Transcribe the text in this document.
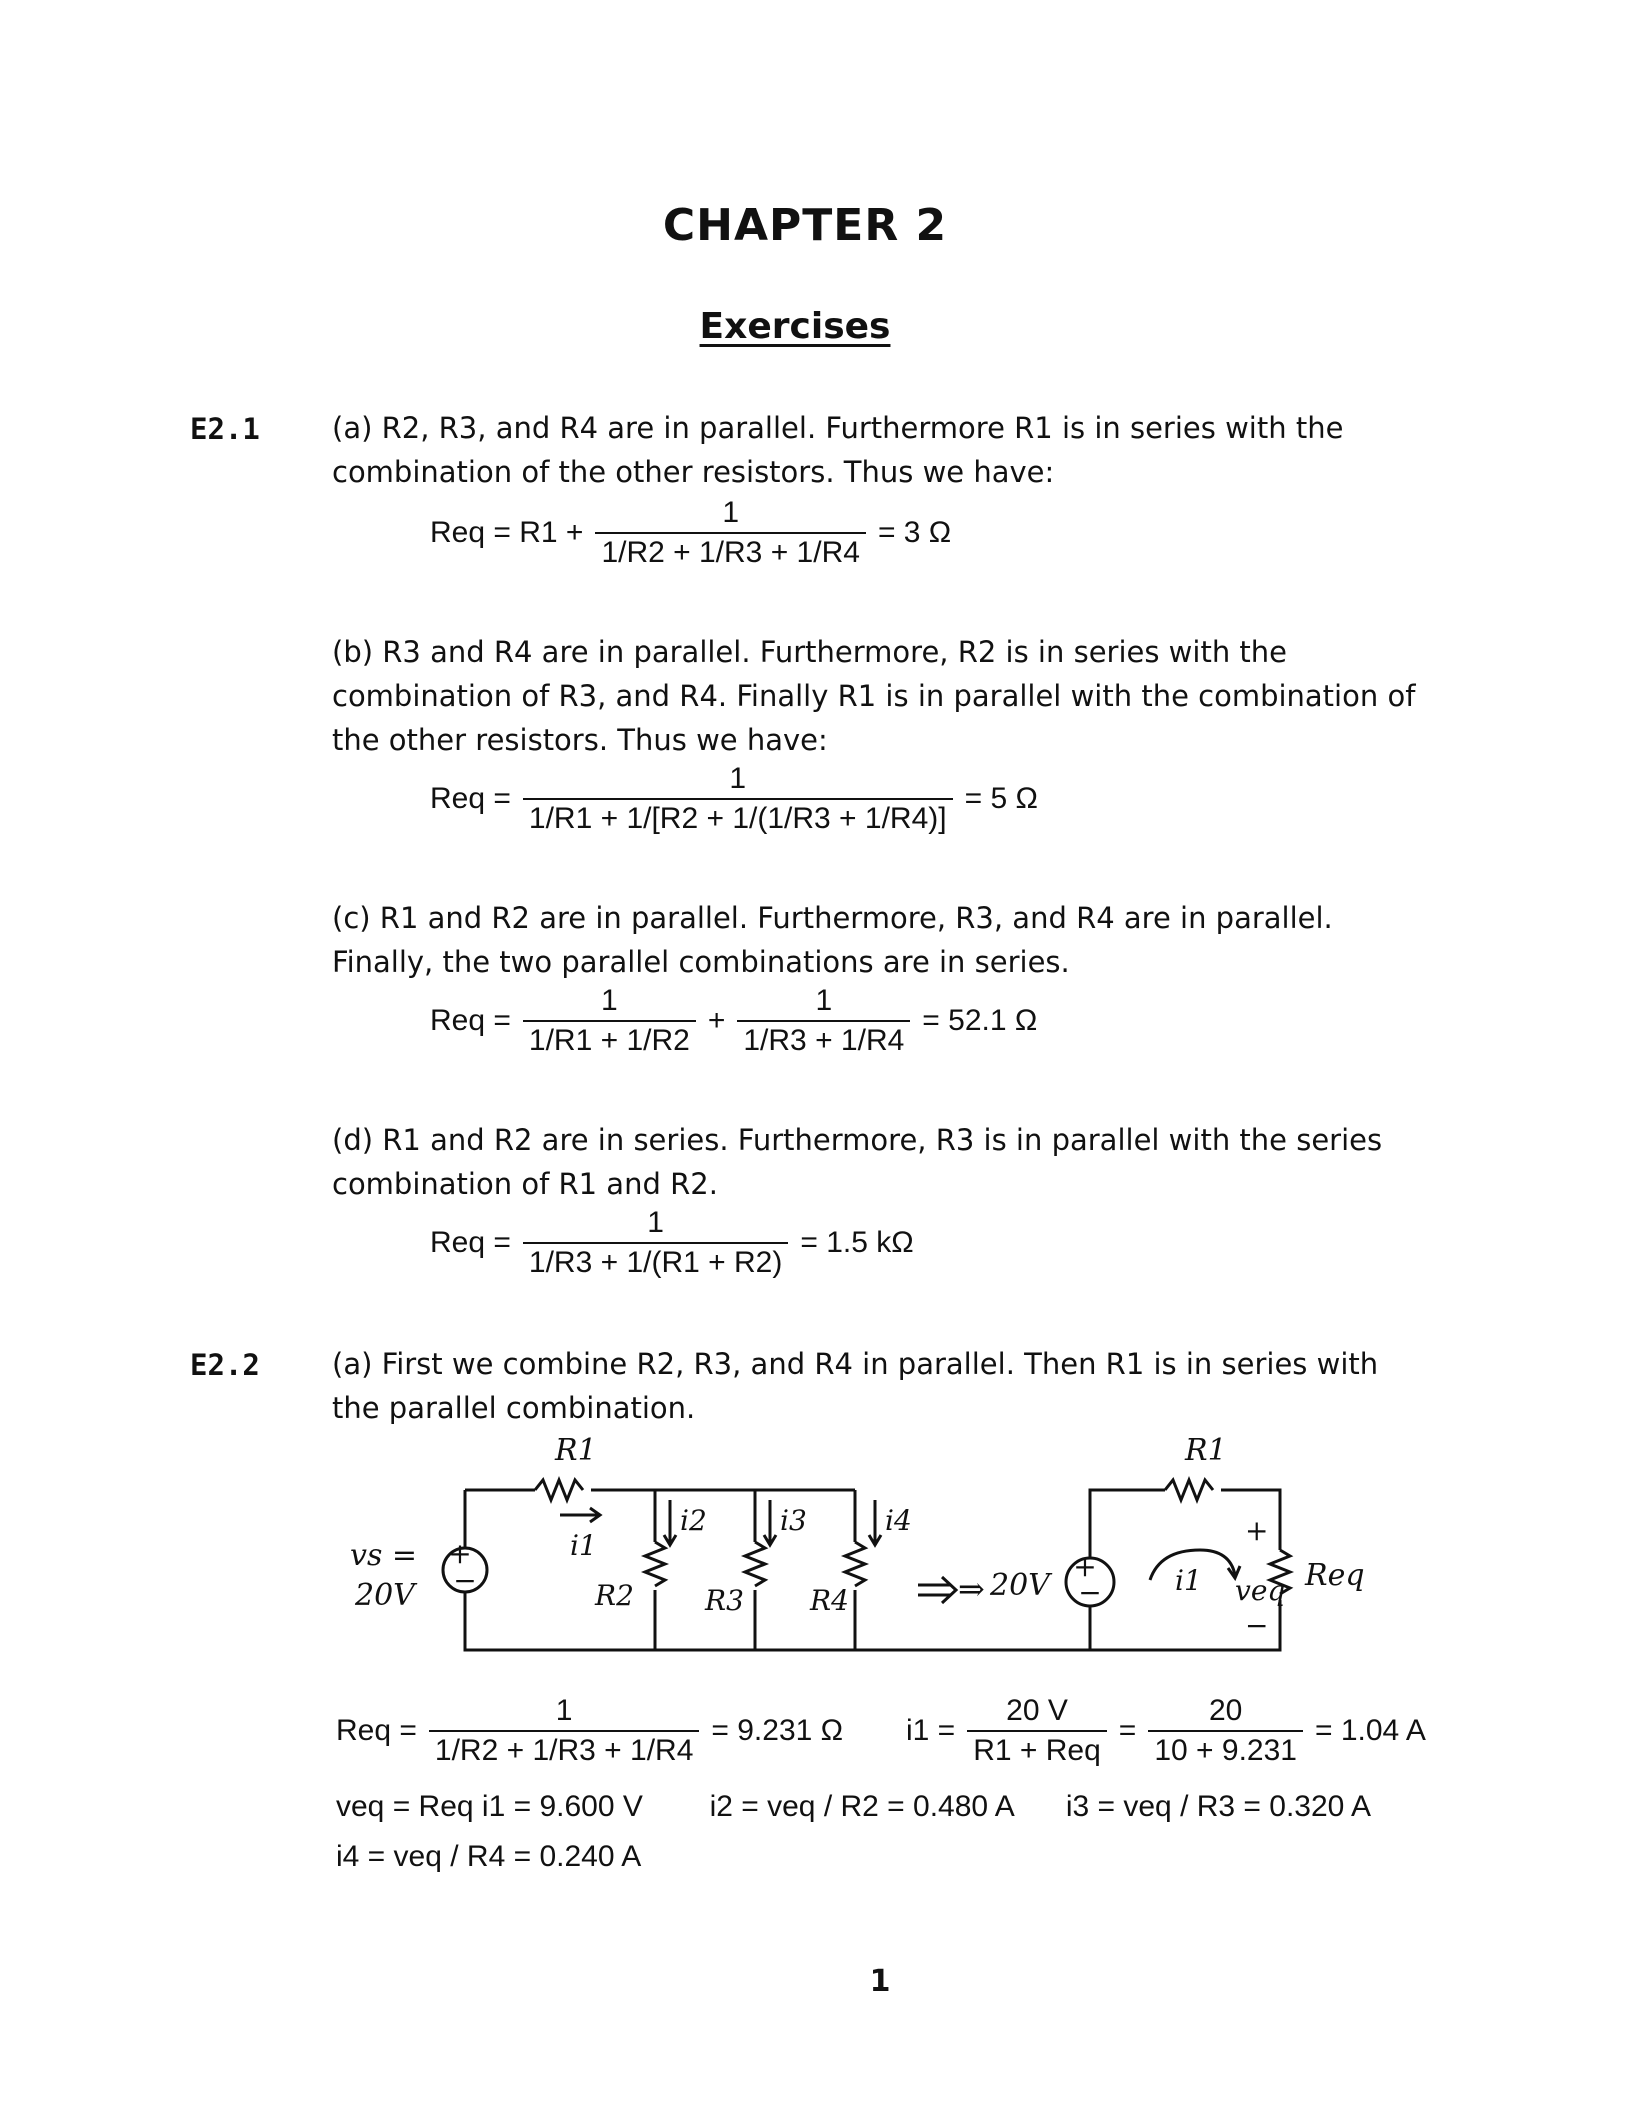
CHAPTER 2
Exercises
E2.1 (a) R2, R3, and R4 are in parallel. Furthermore R1 is in series with the
combination of the other resistors. Thus we have:
Req = $R1 + \frac{1}{1/R2 + 1/R3 + 1/R4} = 3$ Ω
(b) R3 and R4 are in parallel. Furthermore, R2 is in series with the
combination of R3, and R4. Finally R1 is in parallel with the combination of
the other resistors. Thus we have:
Req = $\frac{1}{1/R1 + 1/[R2 + 1/(1/R3 + 1/R4)]} = 5$ Ω
(c) R1 and R2 are in parallel. Furthermore, R3, and R4 are in parallel.
Finally, the two parallel combinations are in series.
Req = $\frac{1}{1/R1 + 1/R2} + \frac{1}{1/R3 + 1/R4} = 52.1$ Ω
(d) R1 and R2 are in series. Furthermore, R3 is in parallel with the series
combination of R1 and R2.
Req = $\frac{1}{1/R3 + 1/(R1 + R2)} = 1.5$ kΩ
E2.2 (a) First we combine R2, R3, and R4 in parallel. Then R1 is in series with
the parallel combination.
+
−	+
−
vs =
20V
R1
i1
i2	i3	i4
R2	R3 R4	⇒ 20V
R1
i1
+
veq
−
Req
Req = $\frac{1}{1/R2 + 1/R3 + 1/R4} = 9.231$ Ω $i1 = \frac{20 V}{\text{R1 + Req}} = \frac{20}{10 + 9.231} = 1.04$ A
veq = Req i1 = 9.600 V i2 = veq / R2 = 0.480 A i3 = veq / R3 = 0.320 A
i4 = veq / R4 = 0.240 A
1
